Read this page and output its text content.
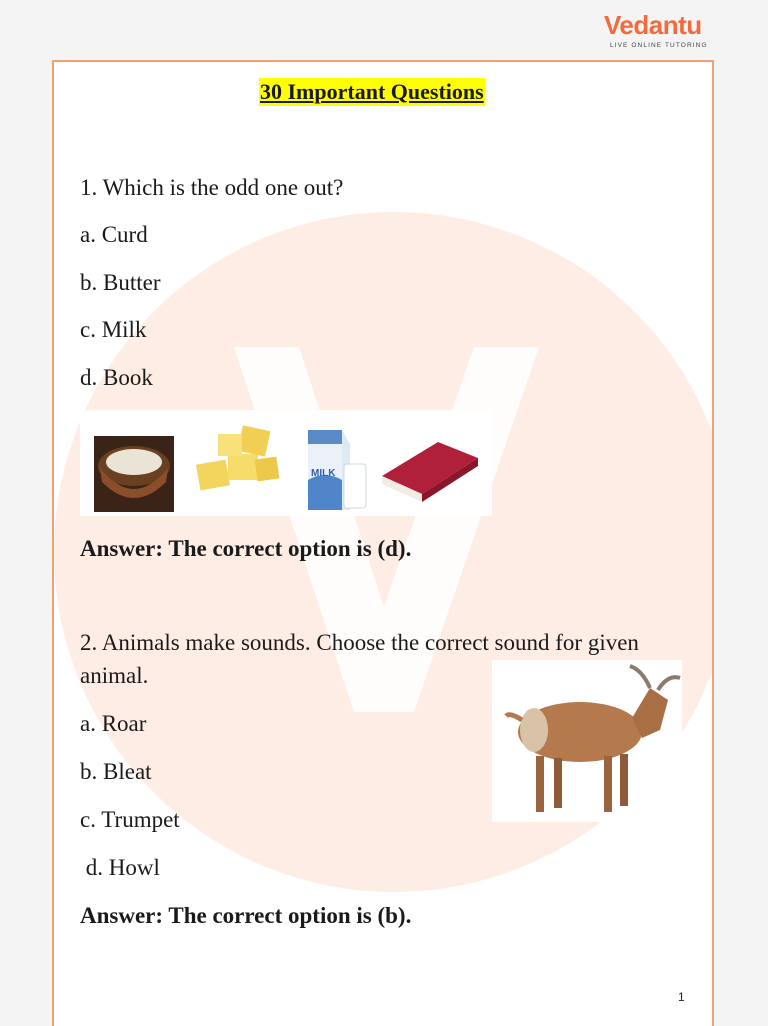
Vedantu
LIVE ONLINE TUTORING
30 Important Questions
1. Which is the odd one out?
a. Curd
b. Butter
c. Milk
d. Book
MILK
Answer: The correct option is (d).
2. Animals make sounds. Choose the correct sound for given
animal.
a. Roar
b. Bleat
c. Trumpet
d. Howl
Answer: The correct option is (b).
1
